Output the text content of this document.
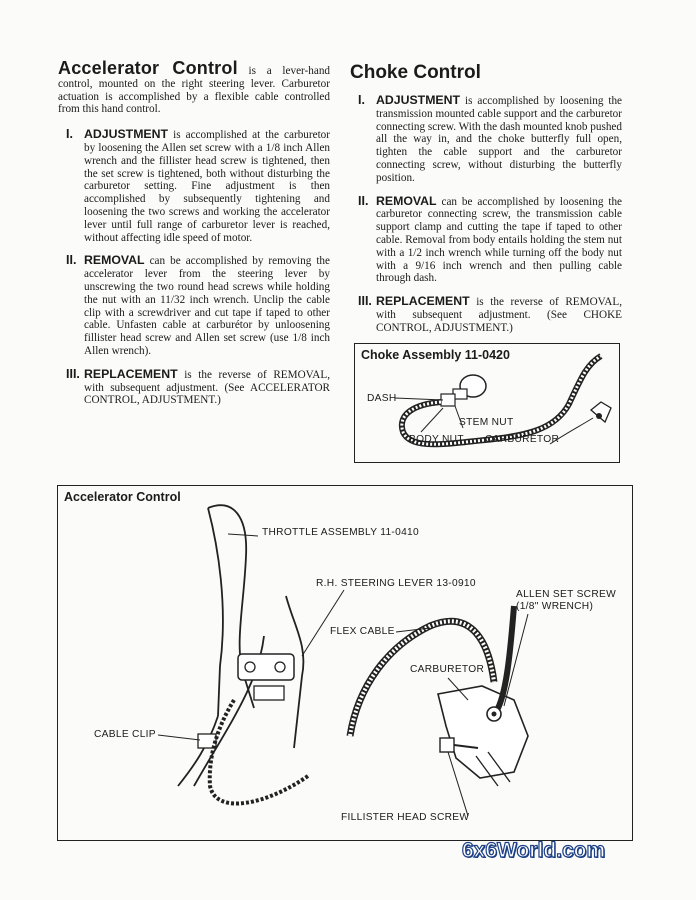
Accelerator Control is a lever-hand control, mounted on the right steering lever. Carburetor actuation is accomplished by a flexible cable controlled from this hand control.
I. ADJUSTMENT is accomplished at the carburetor by loosening the Allen set screw with a 1/8 inch Allen wrench and the fillister head screw is tightened, then the set screw is tightened, both without disturbing the carburetor setting. Fine adjustment is then accomplished by subsequently tightening and loosening the two screws and working the accelerator lever until full range of carburetor lever is reached, without affecting idle speed of motor.
II. REMOVAL can be accomplished by removing the accelerator lever from the steering lever by unscrewing the two round head screws while holding the nut with an 11/32 inch wrench. Unclip the cable clip with a screwdriver and cut tape if taped to other cable. Unfasten cable at carburétor by unloosening fillister head screw and Allen set screw (use 1/8 inch Allen wrench).
III. REPLACEMENT is the reverse of REMOVAL, with subsequent adjustment. (See ACCELERATOR CONTROL, ADJUSTMENT.)
Choke Control
I. ADJUSTMENT is accomplished by loosening the transmission mounted cable support and the carburetor connecting screw. With the dash mounted knob pushed all the way in, and the choke butterfly full open, tighten the cable support and the carburetor connecting screw, without disturbing the butterfly position.
II. REMOVAL can be accomplished by loosening the carburetor connecting screw, the transmission cable support clamp and cutting the tape if taped to other cable. Removal from body entails holding the stem nut with a 1/2 inch wrench while turning off the body nut with a 9/16 inch wrench and then pulling cable through dash.
III. REPLACEMENT is the reverse of REMOVAL, with subsequent adjustment. (See CHOKE CONTROL, ADJUSTMENT.)
Choke Assembly 11-0420
DASH
STEM NUT
BODY NUT CARBURETOR
Accelerator Control
THROTTLE ASSEMBLY 11-0410
R.H. STEERING LEVER 13-0910
FLEX CABLE
CARBURETOR
ALLEN SET SCREW
(1/8" WRENCH)
CABLE CLIP
FILLISTER HEAD SCREW
6x6World.com
